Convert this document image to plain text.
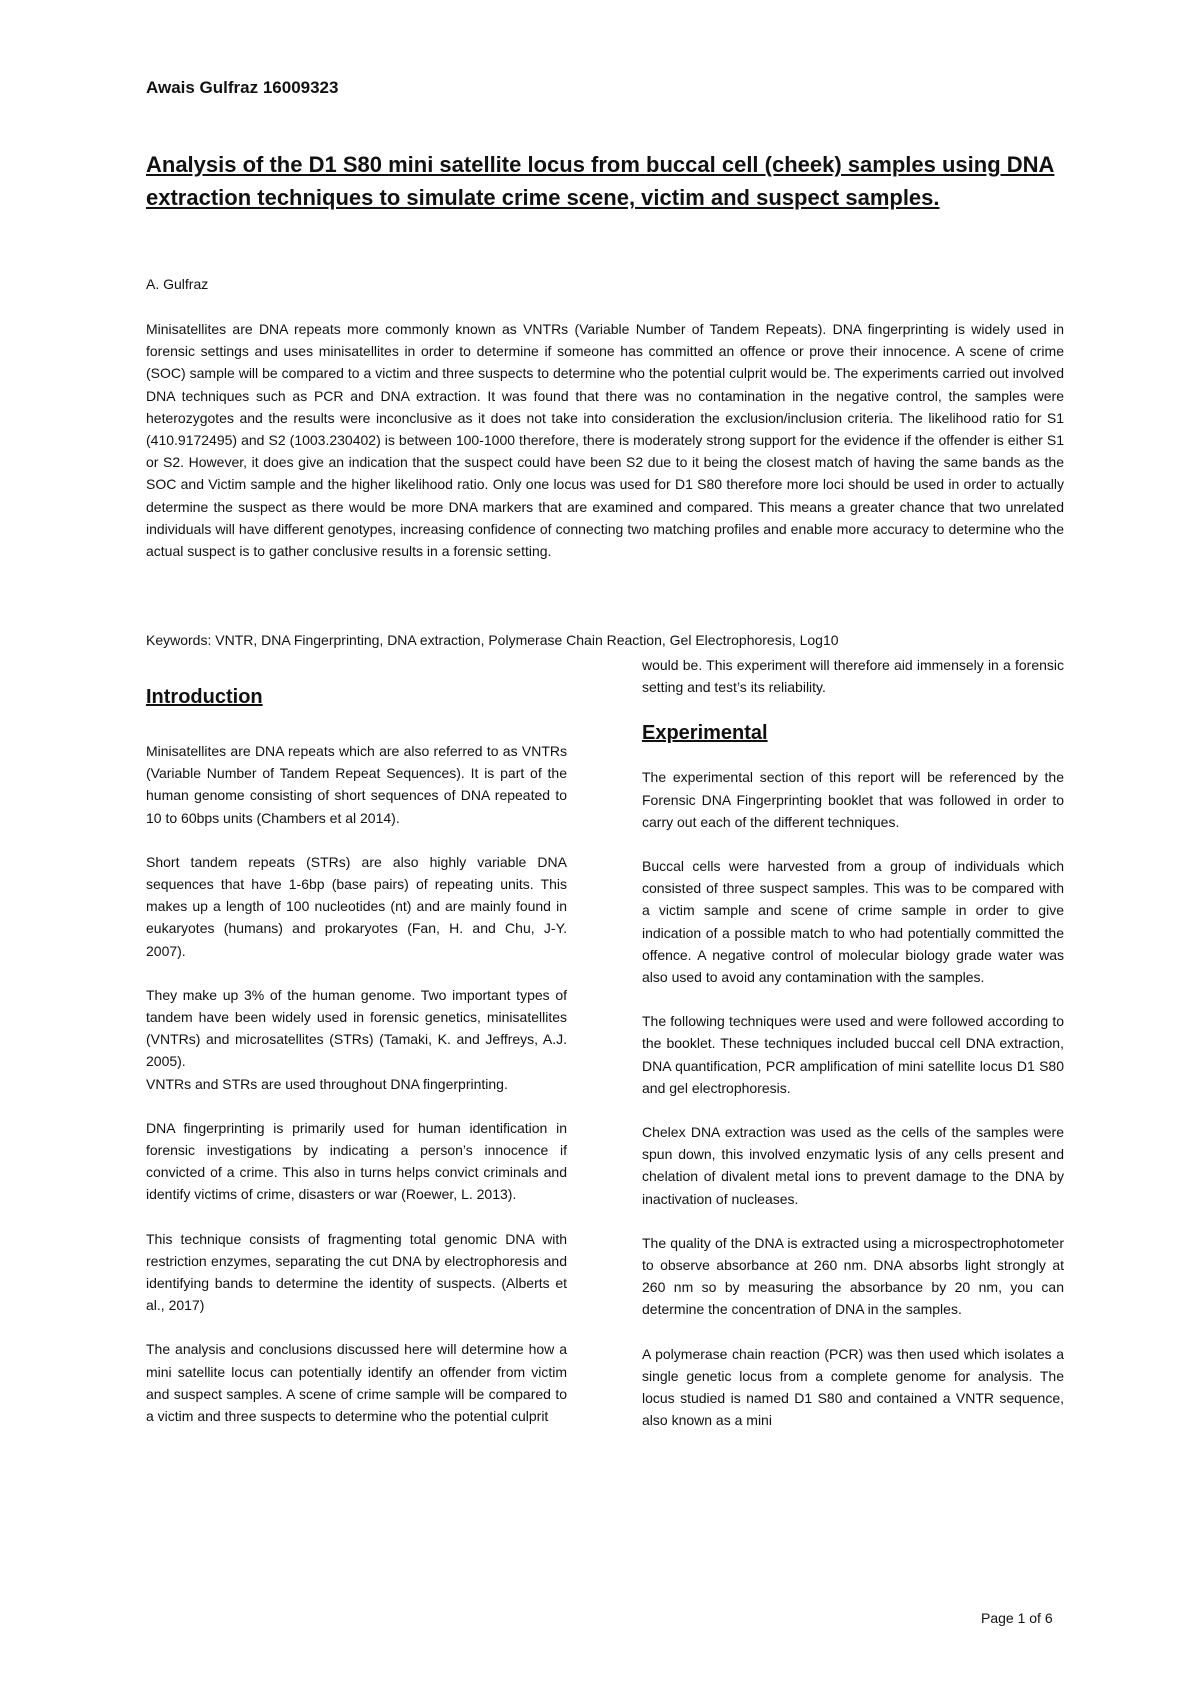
Awais Gulfraz 16009323
Analysis of the D1 S80 mini satellite locus from buccal cell (cheek) samples using DNA extraction techniques to simulate crime scene, victim and suspect samples.
A. Gulfraz

Minisatellites are DNA repeats more commonly known as VNTRs (Variable Number of Tandem Repeats). DNA fingerprinting is widely used in forensic settings and uses minisatellites in order to determine if someone has committed an offence or prove their innocence. A scene of crime (SOC) sample will be compared to a victim and three suspects to determine who the potential culprit would be. The experiments carried out involved DNA techniques such as PCR and DNA extraction. It was found that there was no contamination in the negative control, the samples were heterozygotes and the results were inconclusive as it does not take into consideration the exclusion/inclusion criteria. The likelihood ratio for S1 (410.9172495) and S2 (1003.230402) is between 100-1000 therefore, there is moderately strong support for the evidence if the offender is either S1 or S2. However, it does give an indication that the suspect could have been S2 due to it being the closest match of having the same bands as the SOC and Victim sample and the higher likelihood ratio. Only one locus was used for D1 S80 therefore more loci should be used in order to actually determine the suspect as there would be more DNA markers that are examined and compared. This means a greater chance that two unrelated individuals will have different genotypes, increasing confidence of connecting two matching profiles and enable more accuracy to determine who the actual suspect is to gather conclusive results in a forensic setting.

Keywords: VNTR, DNA Fingerprinting, DNA extraction, Polymerase Chain Reaction, Gel Electrophoresis, Log10

Introduction

Minisatellites are DNA repeats which are also referred to as VNTRs (Variable Number of Tandem Repeat Sequences). It is part of the human genome consisting of short sequences of DNA repeated to 10 to 60bps units (Chambers et al 2014).

Short tandem repeats (STRs) are also highly variable DNA sequences that have 1-6bp (base pairs) of repeating units. This makes up a length of 100 nucleotides (nt) and are mainly found in eukaryotes (humans) and prokaryotes (Fan, H. and Chu, J-Y. 2007).

They make up 3% of the human genome. Two important types of tandem have been widely used in forensic genetics, minisatellites (VNTRs) and microsatellites (STRs) (Tamaki, K. and Jeffreys, A.J. 2005).

VNTRs and STRs are used throughout DNA fingerprinting.

DNA fingerprinting is primarily used for human identification in forensic investigations by indicating a person’s innocence if convicted of a crime. This also in turns helps convict criminals and identify victims of crime, disasters or war (Roewer, L. 2013).

This technique consists of fragmenting total genomic DNA with restriction enzymes, separating the cut DNA by electrophoresis and identifying bands to determine the identity of suspects. (Alberts et al., 2017)

The analysis and conclusions discussed here will determine how a mini satellite locus can potentially identify an offender from victim and suspect samples. A scene of crime sample will be compared to a victim and three suspects to determine who the potential culprit

would be. This experiment will therefore aid immensely in a forensic setting and test’s its reliability.

Experimental

The experimental section of this report will be referenced by the Forensic DNA Fingerprinting booklet that was followed in order to carry out each of the different techniques.

Buccal cells were harvested from a group of individuals which consisted of three suspect samples. This was to be compared with a victim sample and scene of crime sample in order to give indication of a possible match to who had potentially committed the offence. A negative control of molecular biology grade water was also used to avoid any contamination with the samples.

The following techniques were used and were followed according to the booklet. These techniques included buccal cell DNA extraction, DNA quantification, PCR amplification of mini satellite locus D1 S80 and gel electrophoresis.

Chelex DNA extraction was used as the cells of the samples were spun down, this involved enzymatic lysis of any cells present and chelation of divalent metal ions to prevent damage to the DNA by inactivation of nucleases.

The quality of the DNA is extracted using a microspectrophotometer to observe absorbance at 260 nm. DNA absorbs light strongly at 260 nm so by measuring the absorbance by 20 nm, you can determine the concentration of DNA in the samples.

A polymerase chain reaction (PCR) was then used which isolates a single genetic locus from a complete genome for analysis. The locus studied is named D1 S80 and contained a VNTR sequence, also known as a mini

Page 1 of 6
